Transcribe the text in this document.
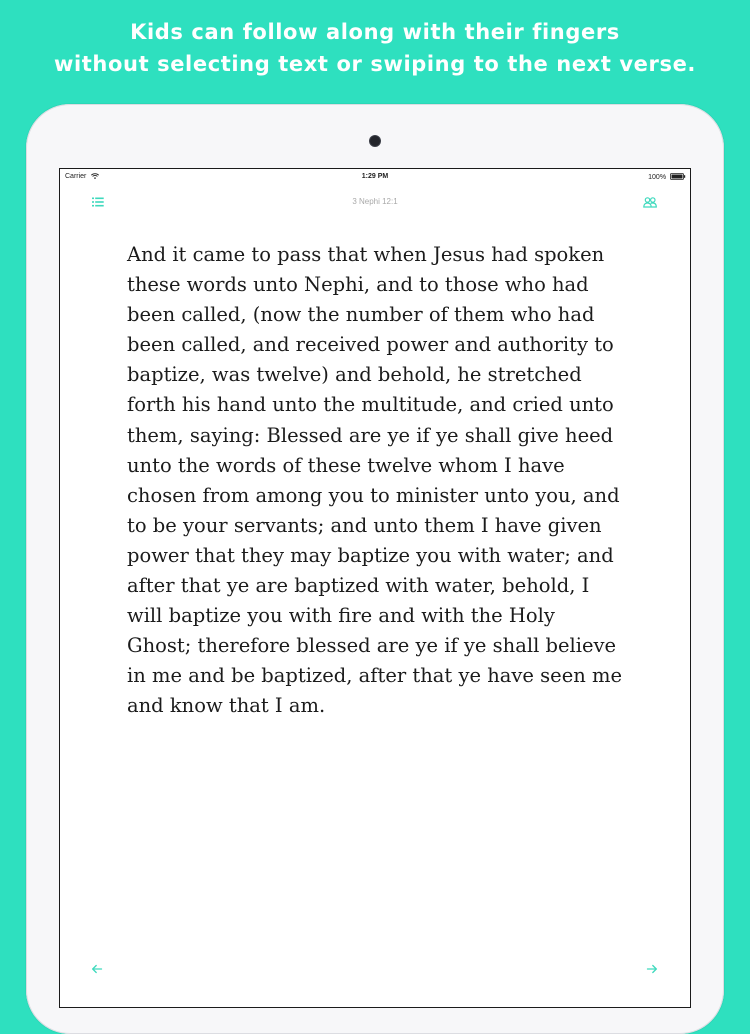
Kids can follow along with their fingers
without selecting text or swiping to the next verse.
Carrier	1:29 PM	100%
3 Nephi 12:1
And it came to pass that when Jesus had spoken
these words unto Nephi, and to those who had
been called, (now the number of them who had
been called, and received power and authority to
baptize, was twelve) and behold, he stretched
forth his hand unto the multitude, and cried unto
them, saying: Blessed are ye if ye shall give heed
unto the words of these twelve whom I have
chosen from among you to minister unto you, and
to be your servants; and unto them I have given
power that they may baptize you with water; and
after that ye are baptized with water, behold, I
will baptize you with fire and with the Holy
Ghost; therefore blessed are ye if ye shall believe
in me and be baptized, after that ye have seen me
and know that I am.
